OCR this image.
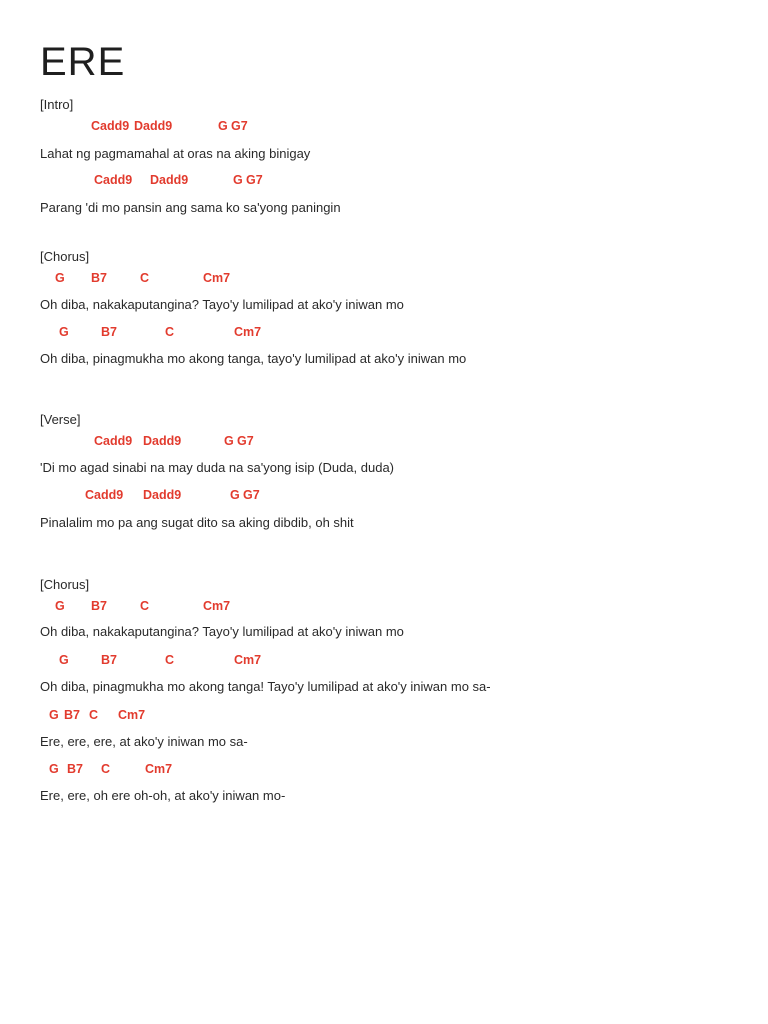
ERE
[Intro]
Cadd9 Dadd9	G G7
Lahat ng pagmamahal at oras na aking binigay
Cadd9 Dadd9	G G7
Parang 'di mo pansin ang sama ko sa'yong paningin
[Chorus]
G B7	C	Cm7
Oh diba, nakakaputangina? Tayo'y lumilipad at ako'y iniwan mo
G	B7	C	Cm7
Oh diba, pinagmukha mo akong tanga, tayo'y lumilipad at ako'y iniwan mo
[Verse]
Cadd9 Dadd9	G G7
'Di mo agad sinabi na may duda na sa'yong isip (Duda, duda)
Cadd9 Dadd9	G G7
Pinalalim mo pa ang sugat dito sa aking dibdib, oh shit
[Chorus]
G B7	C	Cm7
Oh diba, nakakaputangina? Tayo'y lumilipad at ako'y iniwan mo
G	B7	C	Cm7
Oh diba, pinagmukha mo akong tanga! Tayo'y lumilipad at ako'y iniwan mo sa-
G B7 C Cm7
Ere, ere, ere, at ako'y iniwan mo sa-
G B7 C	Cm7
Ere, ere, oh ere oh-oh, at ako'y iniwan mo-
